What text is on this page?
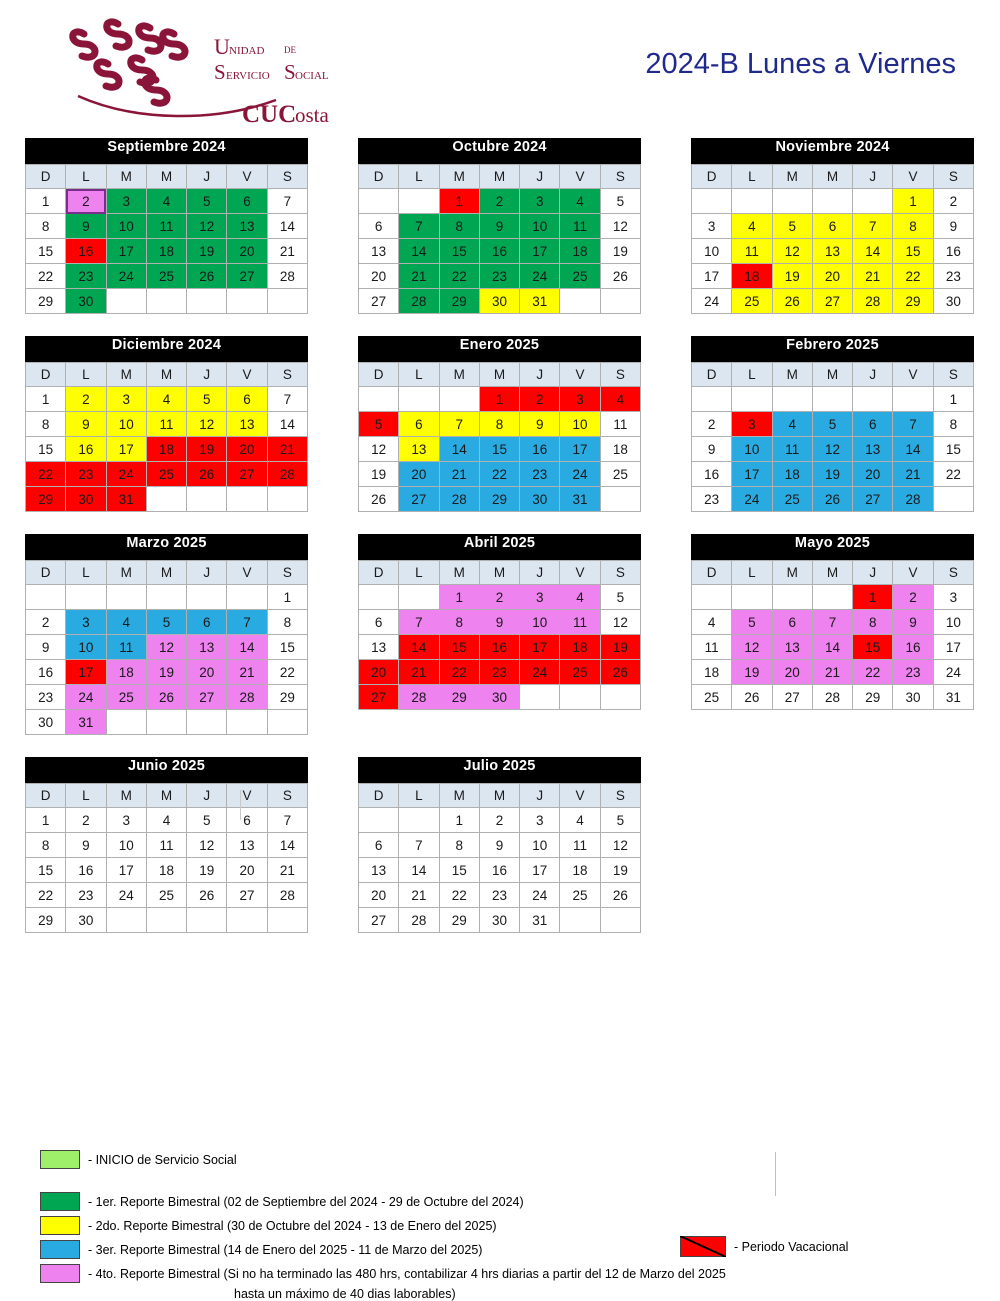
U nidad de
S ervicio S ocial
CUC
osta
2024-B Lunes a Viernes
Septiembre 2024
D	L	M	M	J	V	S
1	2	3	4	5	6	7
8	9	10	11	12	13	14
15	16	17	18	19	20	21
22	23	24	25	26	27	28
29	30					
Octubre 2024
D	L	M	M	J	V	S
		1	2	3	4	5
6	7	8	9	10	11	12
13	14	15	16	17	18	19
20	21	22	23	24	25	26
27	28	29	30	31		
Noviembre 2024
D	L	M	M	J	V	S
					1	2
3	4	5	6	7	8	9
10	11	12	13	14	15	16
17	18	19	20	21	22	23
24	25	26	27	28	29	30
Diciembre 2024
D	L	M	M	J	V	S
1	2	3	4	5	6	7
8	9	10	11	12	13	14
15	16	17	18	19	20	21
22	23	24	25	26	27	28
29	30	31				
Enero 2025
D	L	M	M	J	V	S
			1	2	3	4
5	6	7	8	9	10	11
12	13	14	15	16	17	18
19	20	21	22	23	24	25
26	27	28	29	30	31	
Febrero 2025
D	L	M	M	J	V	S
						1
2	3	4	5	6	7	8
9	10	11	12	13	14	15
16	17	18	19	20	21	22
23	24	25	26	27	28	
Marzo 2025
D	L	M	M	J	V	S
						1
2	3	4	5	6	7	8
9	10	11	12	13	14	15
16	17	18	19	20	21	22
23	24	25	26	27	28	29
30	31					
Abril 2025
D	L	M	M	J	V	S
		1	2	3	4	5
6	7	8	9	10	11	12
13	14	15	16	17	18	19
20	21	22	23	24	25	26
27	28	29	30			
Mayo 2025
D	L	M	M	J	V	S
				1	2	3
4	5	6	7	8	9	10
11	12	13	14	15	16	17
18	19	20	21	22	23	24
25	26	27	28	29	30	31
Junio 2025
D	L	M	M	J	V	S
1	2	3	4	5	6	7
8	9	10	11	12	13	14
15	16	17	18	19	20	21
22	23	24	25	26	27	28
29	30					
Julio 2025
D	L	M	M	J	V	S
		1	2	3	4	5
6	7	8	9	10	11	12
13	14	15	16	17	18	19
20	21	22	23	24	25	26
27	28	29	30	31		
- INICIO de Servicio Social
- 1er. Reporte Bimestral (02 de Septiembre del 2024 - 29 de Octubre del 2024)
- 2do. Reporte Bimestral (30 de Octubre del 2024 - 13 de Enero del 2025)
- 3er. Reporte Bimestral (14 de Enero del 2025 - 11 de Marzo del 2025)
- 4to. Reporte Bimestral (Si no ha terminado las 480 hrs, contabilizar 4 hrs diarias a partir del 12 de Marzo del 2025
hasta un máximo de 40 dias laborables)
- Periodo Vacacional
